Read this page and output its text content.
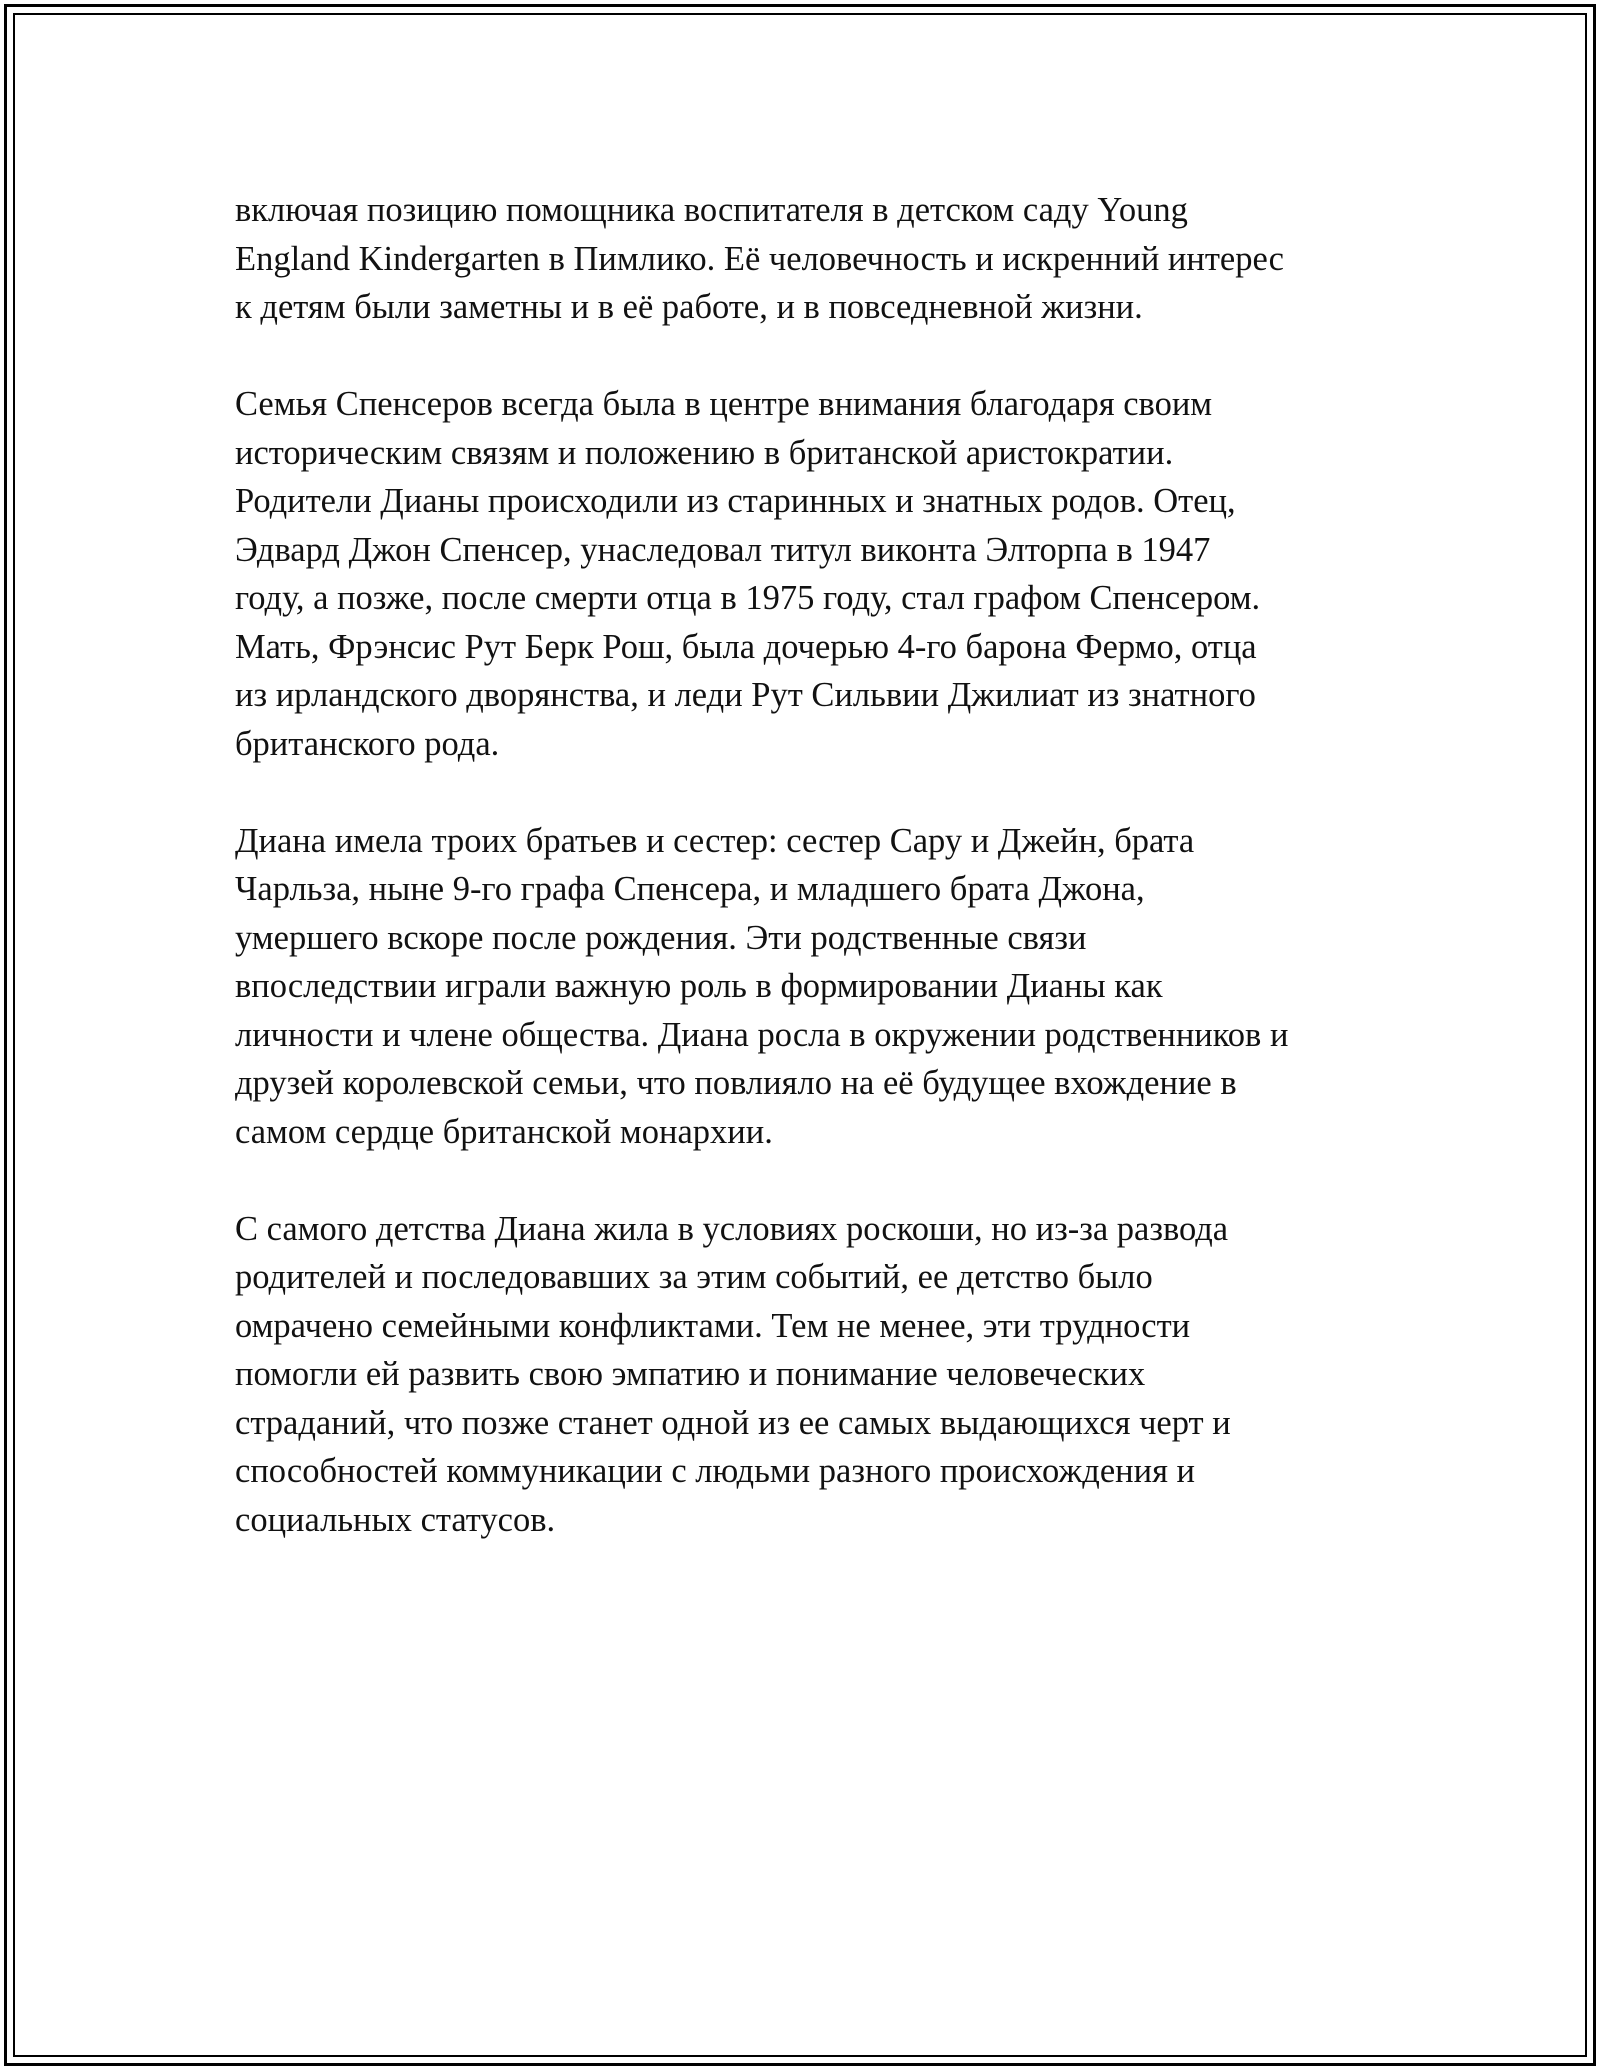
включая позицию помощника воспитателя в детском саду Young
England Kindergarten в Пимлико. Её человечность и искренний интерес
к детям были заметны и в её работе, и в повседневной жизни.

Семья Спенсеров всегда была в центре внимания благодаря своим
историческим связям и положению в британской аристократии.
Родители Дианы происходили из старинных и знатных родов. Отец,
Эдвард Джон Спенсер, унаследовал титул виконта Элторпа в 1947
году, а позже, после смерти отца в 1975 году, стал графом Спенсером.
Мать, Фрэнсис Рут Берк Рош, была дочерью 4-го барона Фермо, отца
из ирландского дворянства, и леди Рут Сильвии Джилиат из знатного
британского рода.

Диана имела троих братьев и сестер: сестер Сару и Джейн, брата
Чарльза, ныне 9-го графа Спенсера, и младшего брата Джона,
умершего вскоре после рождения. Эти родственные связи
впоследствии играли важную роль в формировании Дианы как
личности и члене общества. Диана росла в окружении родственников и
друзей королевской семьи, что повлияло на её будущее вхождение в
самом сердце британской монархии.

С самого детства Диана жила в условиях роскоши, но из-за развода
родителей и последовавших за этим событий, ее детство было
омрачено семейными конфликтами. Тем не менее, эти трудности
помогли ей развить свою эмпатию и понимание человеческих
страданий, что позже станет одной из ее самых выдающихся черт и
способностей коммуникации с людьми разного происхождения и
социальных статусов.
